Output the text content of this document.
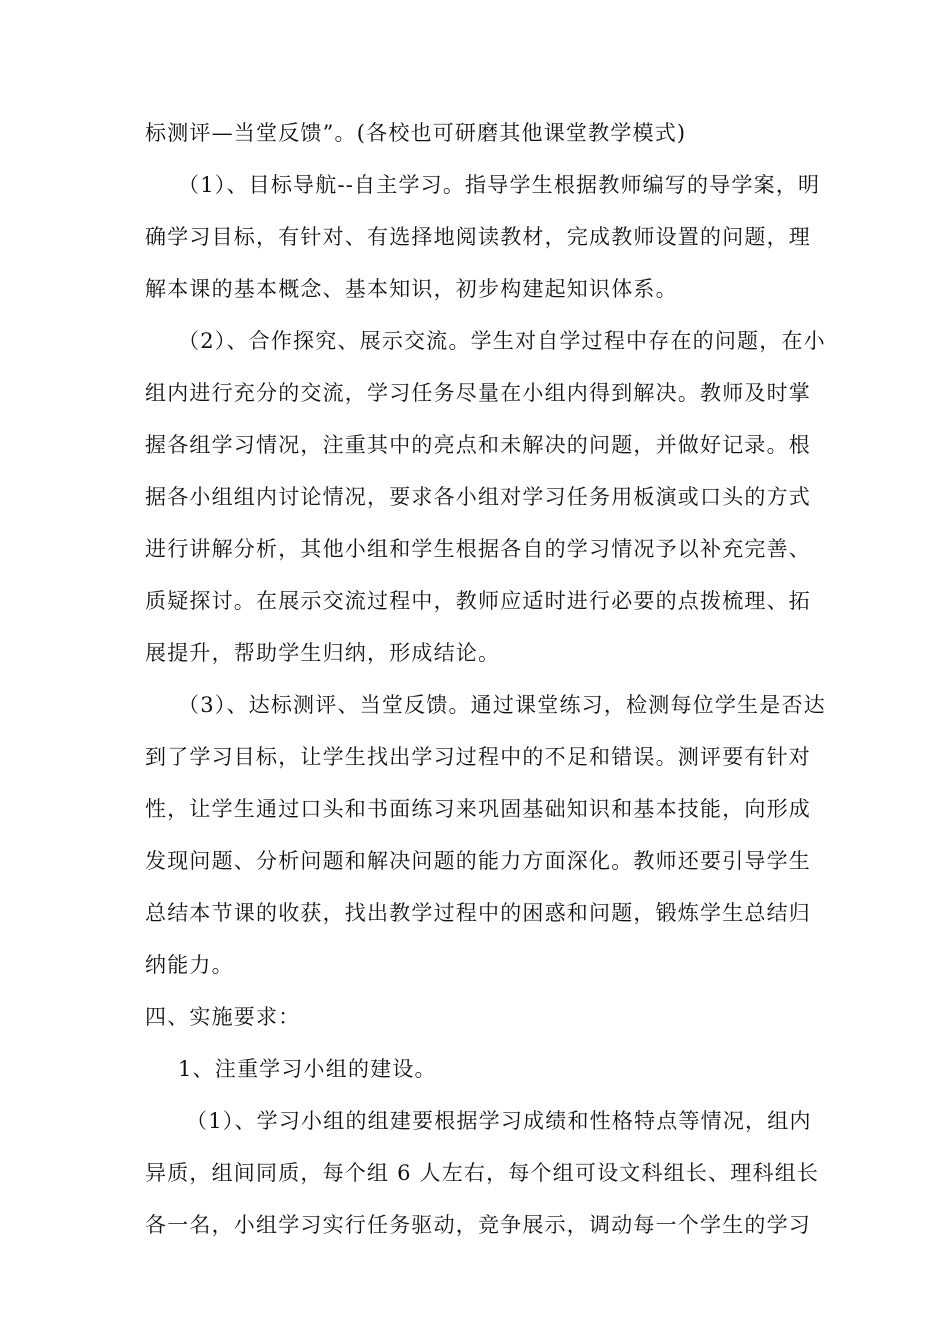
标测评—当堂反馈”。(各校也可研磨其他课堂教学模式)
（1）、目标导航--自主学习。指导学生根据教师编写的导学案，明
确学习目标，有针对、有选择地阅读教材，完成教师设置的问题，理
解本课的基本概念、基本知识，初步构建起知识体系。
（2）、合作探究、展示交流。学生对自学过程中存在的问题，在小
组内进行充分的交流，学习任务尽量在小组内得到解决。教师及时掌
握各组学习情况，注重其中的亮点和未解决的问题，并做好记录。根
据各小组组内讨论情况，要求各小组对学习任务用板演或口头的方式
进行讲解分析，其他小组和学生根据各自的学习情况予以补充完善、
质疑探讨。在展示交流过程中，教师应适时进行必要的点拨梳理、拓
展提升，帮助学生归纳，形成结论。
（3）、达标测评、当堂反馈。通过课堂练习，检测每位学生是否达
到了学习目标，让学生找出学习过程中的不足和错误。测评要有针对
性，让学生通过口头和书面练习来巩固基础知识和基本技能，向形成
发现问题、分析问题和解决问题的能力方面深化。教师还要引导学生
总结本节课的收获，找出教学过程中的困惑和问题，锻炼学生总结归
纳能力。
四、实施要求：
1、注重学习小组的建设。
（1）、学习小组的组建要根据学习成绩和性格特点等情况，组内
异质，组间同质，每个组 6 人左右，每个组可设文科组长、理科组长
各一名，小组学习实行任务驱动，竞争展示，调动每一个学生的学习
